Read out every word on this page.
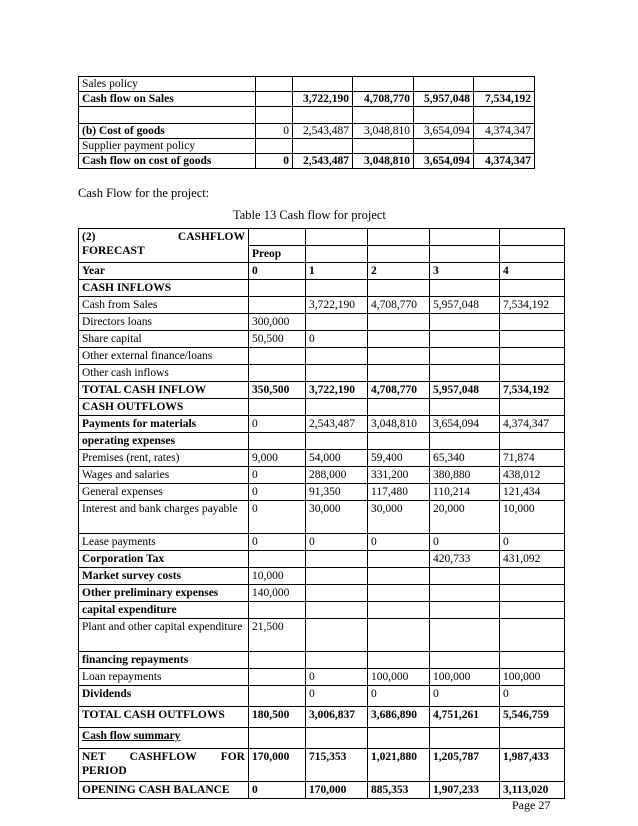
Sales policy					
Cash flow on Sales		3,722,190	4,708,770	5,957,048	7,534,192

(b) Cost of goods	0	2,543,487	3,048,810	3,654,094	4,374,347
Supplier payment policy					
Cash flow on cost of goods	0	2,543,487	3,048,810	3,654,094	4,374,347
Cash Flow for the project:
Table 13 Cash flow for project
(2) CASHFLOW
FORECAST					

	Preop				
Year	0	1	2	3	4
CASH INFLOWS					
Cash from Sales		3,722,190	4,708,770	5,957,048	7,534,192
Directors loans	300,000				
Share capital	50,500	0			
Other external finance/loans					
Other cash inflows					
TOTAL CASH INFLOW	350,500	3,722,190	4,708,770	5,957,048	7,534,192
CASH OUTFLOWS					
Payments for materials	0	2,543,487	3,048,810	3,654,094	4,374,347
operating expenses					
Premises (rent, rates)	9,000	54,000	59,400	65,340	71,874
Wages and salaries	0	288,000	331,200	380,880	438,012
General expenses	0	91,350	117,480	110,214	121,434
Interest and bank charges payable	0	30,000	30,000	20,000	10,000
Lease payments	0	0	0	0	0
Corporation Tax				420,733	431,092
Market survey costs	10,000				
Other preliminary expenses	140,000				
capital expenditure					
Plant and other capital expenditure	21,500				
financing repayments					
Loan repayments		0	100,000	100,000	100,000
Dividends		0	0	0	0
TOTAL CASH OUTFLOWS	180,500	3,006,837	3,686,890	4,751,261	5,546,759
Cash flow summary					
NET CASHFLOW FOR PERIOD	170,000	715,353	1,021,880	1,205,787	1,987,433
OPENING CASH BALANCE	0	170,000	885,353	1,907,233	3,113,020
Page 27
